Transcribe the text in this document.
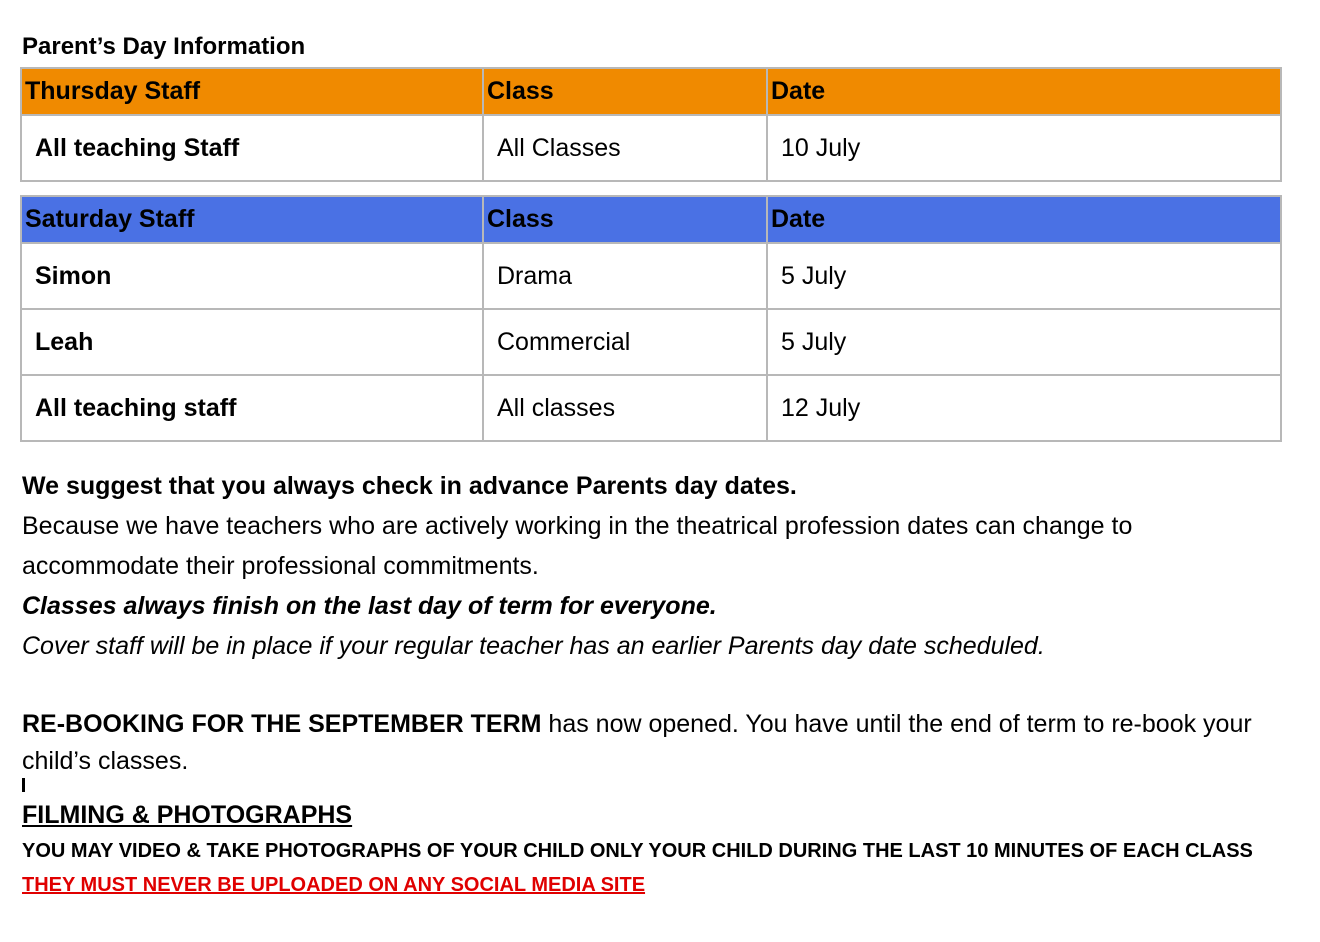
Parent’s Day Information
Thursday Staff	Class	Date
All teaching Staff	All Classes	10 July
Saturday Staff	Class	Date
Simon	Drama	5 July
Leah	Commercial	5 July
All teaching staff	All classes	12 July

We suggest that you always check in advance Parents day dates.

Because we have teachers who are actively working in the theatrical profession dates can change to accommodate their professional commitments.

Classes always finish on the last day of term for everyone.

Cover staff will be in place if your regular teacher has an earlier Parents day date scheduled.

RE-BOOKING FOR THE SEPTEMBER TERM has now opened. You have until the end of term to re-book your child’s classes.

FILMING & PHOTOGRAPHS

YOU MAY VIDEO & TAKE PHOTOGRAPHS OF YOUR CHILD ONLY YOUR CHILD DURING THE LAST 10 MINUTES OF EACH CLASS

THEY MUST NEVER BE UPLOADED ON ANY SOCIAL MEDIA SITE
